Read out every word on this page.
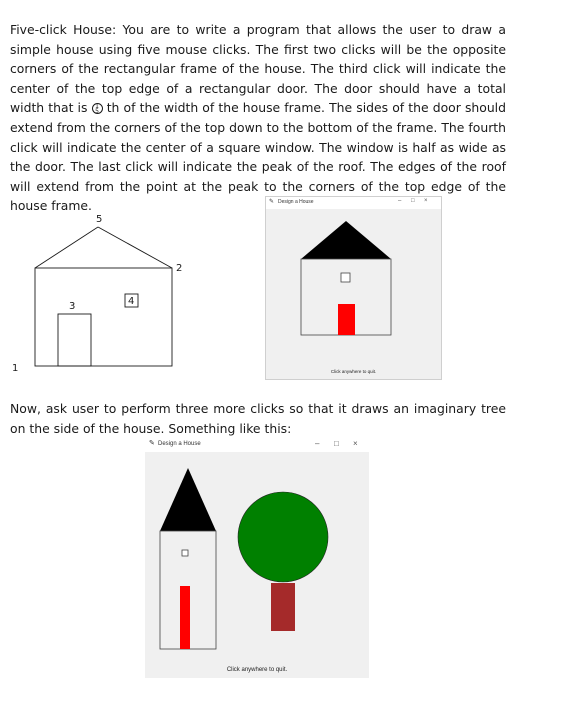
Five-click House: You are to write a program that allows the user to draw a simple house using five mouse clicks. The first two clicks will be the opposite corners of the rectangular frame of the house. The third click will indicate the center of the top edge of a rectangular door. The door should have a total width that is	1
5 th of the width of the house frame. The sides of the door should extend from the corners of the top down to the bottom of the frame. The fourth click will indicate the center of a square window. The window is half as wide as the door. The last click will indicate the peak of the roof. The edges of the roof will extend from the point at the peak to the corners of the top edge of the house frame.

5
2
3	4
1
✎ Design a House	– □ ×
Click anywhere to quit.

Now, ask user to perform three more clicks so that it draws an imaginary tree on the side of the house. Something like this:

✎ Design a House	– □ ×
Click anywhere to quit.
